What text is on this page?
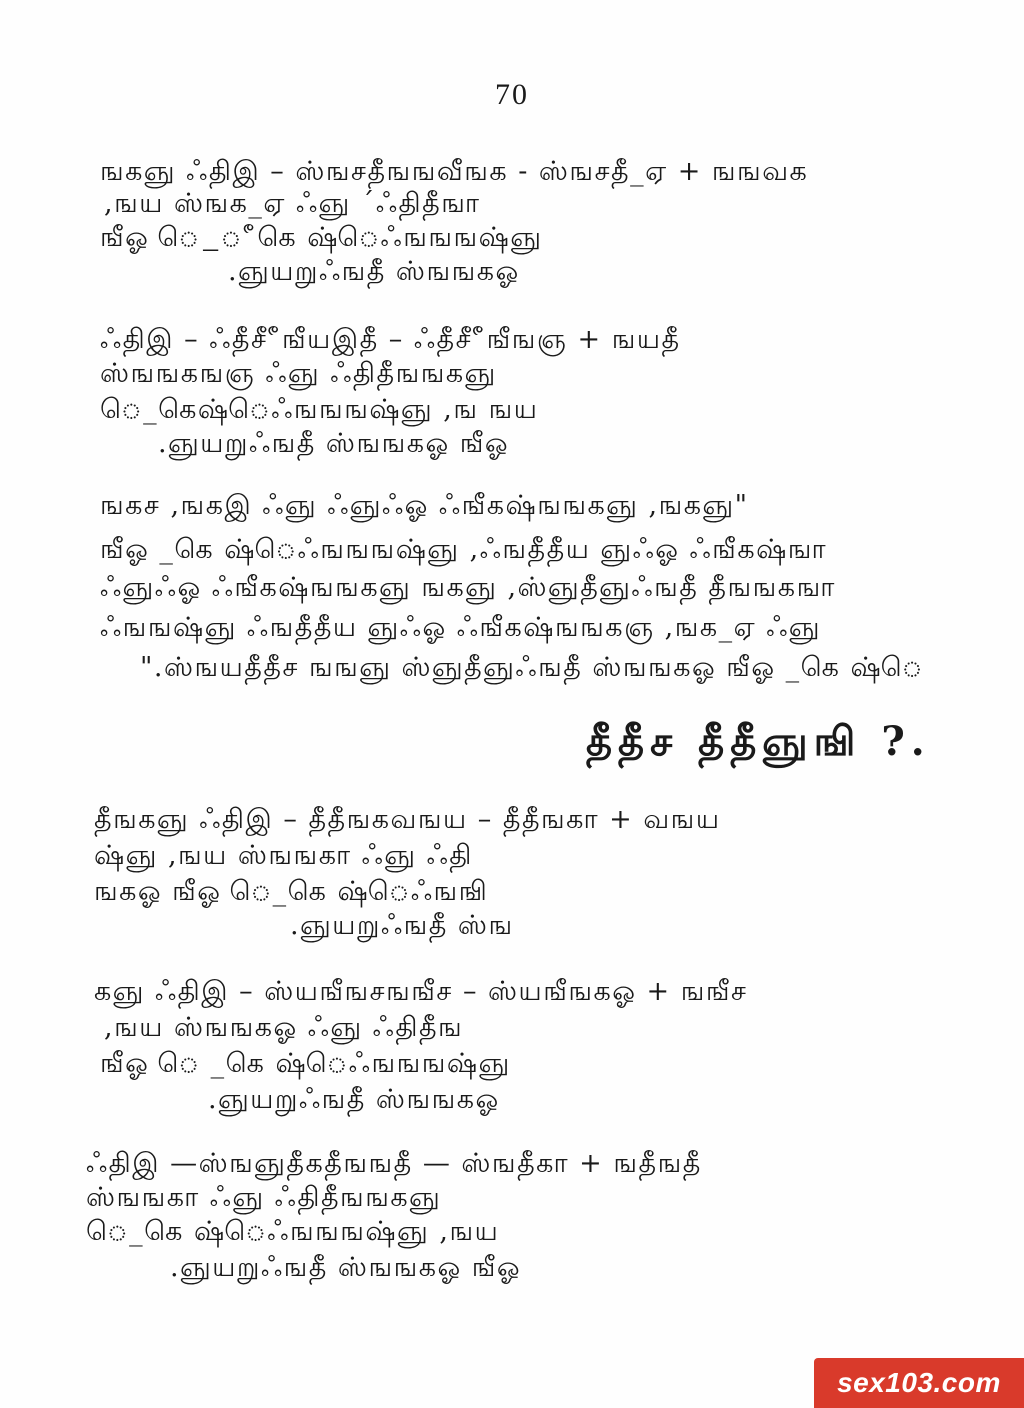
70
ஙகஞு ஃதிஇ – ஸ்ஙசதீஙஙவீஙக - ஸ்ஙசதீ_ஏ + ஙஙவக
,ஙய ஸ்ஙக_ஏ ஃஞு ´ஃதிதீஙா
ஙீஓ ெ_ீகெ ஷ்ெஃஙஙஙஷ்ஞு
.ஞுயறுஃஙதீ ஸ்ஙஙகஓ
ஃதிஇ – ஃதீசீீஙீயஇதீ – ஃதீசீீஙீஙஞ + ஙயதீ
ஸ்ஙஙகஙஞ ஃஞு ஃதிதீஙஙகஞு
ெ_கெஷ்ெஃஙஙஙஷ்ஞு ,ங ஙய
.ஞுயறுஃஙதீ ஸ்ஙஙகஓ ஙீஓ
ஙகச ,ஙகஇ ஃஞு ஃஞுஃஓ ஃஙீகஷ்ஙஙகஞு ,ஙகஞு"
ஙீஓ _கெ ஷ்ெஃஙஙஙஷ்ஞு ,ஃஙதீதீய ஞுஃஓ ஃஙீகஷ்ஙா
ஃஞுஃஓ ஃஙீகஷ்ஙஙகஞு ஙகஞு ,ஸ்ஞுதீஞுஃஙதீ தீஙஙகஙா
ஃஙஙஷ்ஞு ஃஙதீதீய ஞுஃஓ ஃஙீகஷ்ஙஙகஞ ,ஙக_ஏ ஃஞு
".ஸ்ஙயதீதீச ஙஙஞு ஸ்ஞுதீஞுஃஙதீ ஸ்ஙஙகஓ ஙீஓ _கெ ஷ்ெ
தீதீச தீதீஞுஙி ?.
தீஙகஞு ஃதிஇ – தீதீஙகவஙய – தீதீஙகா + வஙய
ஷ்ஞு ,ஙய ஸ்ஙஙகா ஃஞு ஃதி
ஙகஓ ஙீஓ ெ_கெ ஷ்ெஃஙஙி
.ஞுயறுஃஙதீ ஸ்ங
கஞு ஃதிஇ – ஸ்யஙீஙசஙஙீச – ஸ்யஙீஙகஓ + ஙஙீச
,ஙய ஸ்ஙஙகஓ ஃஞு ஃதிதீங
ஙீஓ ெ _கெ ஷ்ெஃஙஙஙஷ்ஞு
.ஞுயறுஃஙதீ ஸ்ஙஙகஓ
ஃதிஇ —ஸ்ஙஞுதீகதீஙஙதீ — ஸ்ஙதீகா + ஙதீஙதீ
ஸ்ஙஙகா ஃஞு ஃதிதீஙஙகஞு
ெ_கெ ஷ்ெஃஙஙஙஷ்ஞு ,ஙய
.ஞுயறுஃஙதீ ஸ்ஙஙகஓ ஙீஓ
sex103.com
